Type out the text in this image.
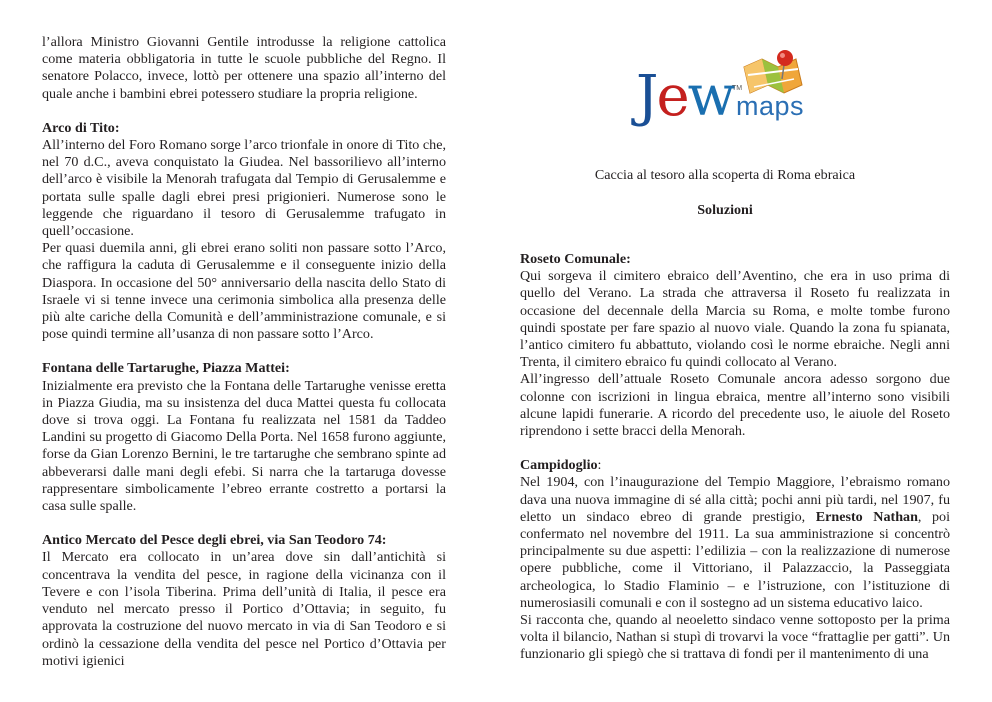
l’allora Ministro Giovanni Gentile introdusse la religione cattolica come materia obbligatoria in tutte le scuole pubbliche del Regno. Il senatore Polacco, invece, lottò per ottenere una spazio all’interno del quale anche i bambini ebrei potessero studiare la propria religione.

Arco di Tito:

All’interno del Foro Romano sorge l’arco trionfale in onore di Tito che, nel 70 d.C., aveva conquistato la Giudea. Nel bassorilievo all’interno dell’arco è visibile la Menorah trafugata dal Tempio di Gerusalemme e portata sulle spalle dagli ebrei presi prigionieri. Numerose sono le leggende che riguardano il tesoro di Gerusalemme trafugato in quell’occasione.

Per quasi duemila anni, gli ebrei erano soliti non passare sotto l’Arco, che raffigura la caduta di Gerusalemme e il conseguente inizio della Diaspora. In occasione del 50° anniversario della nascita dello Stato di Israele vi si tenne invece una cerimonia simbolica alla presenza delle più alte cariche della Comunità e dell’amministrazione comunale, e si pose quindi termine all’usanza di non passare sotto l’Arco.

Fontana delle Tartarughe, Piazza Mattei:

Inizialmente era previsto che la Fontana delle Tartarughe venisse eretta in Piazza Giudia, ma su insistenza del duca Mattei questa fu collocata dove si trova oggi. La Fontana fu realizzata nel 1581 da Taddeo Landini su progetto di Giacomo Della Porta. Nel 1658 furono aggiunte, forse da Gian Lorenzo Bernini, le tre tartarughe che sembrano spinte ad abbeverarsi dalle mani degli efebi. Si narra che la tartaruga dovesse rappresentare simbolicamente l’ebreo errante costretto a portarsi la casa sulle spalle.

Antico Mercato del Pesce degli ebrei, via San Teodoro 74:

Il Mercato era collocato in un’area dove sin dall’antichità si concentrava la vendita del pesce, in ragione della vicinanza con il Tevere e con l’isola Tiberina. Prima dell’unità di Italia, il pesce era venduto nel mercato presso il Portico d’Ottavia; in seguito, fu approvata la costruzione del nuovo mercato in via di San Teodoro e si ordinò la cessazione della vendita del pesce nel Portico d’Ottavia per motivi igienici

Jew
TM
maps
Caccia al tesoro alla scoperta di Roma ebraica
Soluzioni

Roseto Comunale:

Qui sorgeva il cimitero ebraico dell’Aventino, che era in uso prima di quello del Verano. La strada che attraversa il Roseto fu realizzata in occasione del decennale della Marcia su Roma, e molte tombe furono quindi spostate per fare spazio al nuovo viale. Quando la zona fu spianata, l’antico cimitero fu abbattuto, violando così le norme ebraiche. Negli anni Trenta, il cimitero ebraico fu quindi collocato al Verano.

All’ingresso dell’attuale Roseto Comunale ancora adesso sorgono due colonne con iscrizioni in lingua ebraica, mentre all’interno sono visibili alcune lapidi funerarie. A ricordo del precedente uso, le aiuole del Roseto riprendono i sette bracci della Menorah.

Campidoglio:

Nel 1904, con l’inaugurazione del Tempio Maggiore, l’ebraismo romano dava una nuova immagine di sé alla città; pochi anni più tardi, nel 1907, fu eletto un sindaco ebreo di grande prestigio, Ernesto Nathan, poi confermato nel novembre del 1911. La sua amministrazione si concentrò principalmente su due aspetti: l’edilizia – con la realizzazione di numerose opere pubbliche, come il Vittoriano, il Palazzaccio, la Passeggiata archeologica, lo Stadio Flaminio – e l’istruzione, con l’istituzione di numerosiasili comunali e con il sostegno ad un sistema educativo laico.

Si racconta che, quando al neoeletto sindaco venne sottoposto per la prima volta il bilancio, Nathan si stupì di trovarvi la voce “frattaglie per gatti”. Un funzionario gli spiegò che si trattava di fondi per il mantenimento di una
